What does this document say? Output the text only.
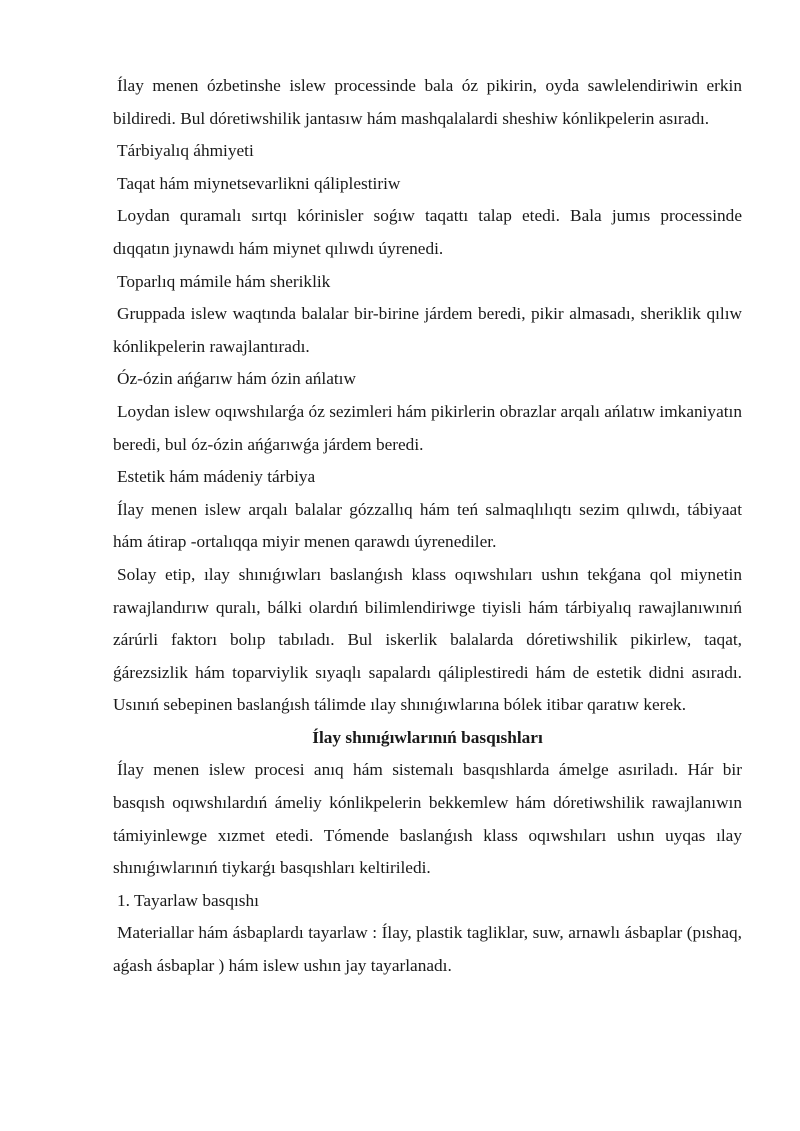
Ílay menen ózbetinshe islew processinde bala óz pikirin, oyda sawlelendiriwin erkin bildiredi. Bul dóretiwshilik jantasıw hám mashqalalardi sheshiw kónlikpelerin asıradı.

Tárbiyalıq áhmiyeti

Taqat hám miynetsevarlikni qáliplestiriw

Loydan quramalı sırtqı kórinisler soǵıw taqattı talap etedi. Bala jumıs processinde dıqqatın jıynawdı hám miynet qılıwdı úyrenedi.

Toparlıq mámile hám sheriklik

Gruppada islew waqtında balalar bir-birine járdem beredi, pikir almasadı, sheriklik qılıw kónlikpelerin rawajlantıradı.

Óz-ózin ańǵarıw hám ózin ańlatıw

Loydan islew oqıwshılarǵa óz sezimleri hám pikirlerin obrazlar arqalı ańlatıw imkaniyatın beredi, bul óz-ózin ańǵarıwǵa járdem beredi.

Estetik hám mádeniy tárbiya

Ílay menen islew arqalı balalar gózzallıq hám teń salmaqlılıqtı sezim qılıwdı, tábiyaat hám átirap -ortalıqqa miyir menen qarawdı úyrenediler.

Solay etip, ılay shınıǵıwları baslanǵısh klass oqıwshıları ushın tekǵana qol miynetin rawajlandırıw quralı, bálki olardıń bilimlendiriwge tiyisli hám tárbiyalıq rawajlanıwınıń zárúrli faktorı bolıp tabıladı. Bul iskerlik balalarda dóretiwshilik pikirlew, taqat, ǵárezsizlik hám toparviylik sıyaqlı sapalardı qáliplestiredi hám de estetik didni asıradı. Usınıń sebepinen baslanǵısh tálimde ılay shınıǵıwlarına bólek itibar qaratıw kerek.

Ílay shınıǵıwlarınıń basqıshları

Ílay menen islew procesi anıq hám sistemalı basqıshlarda ámelge asıriladı. Hár bir basqısh oqıwshılardıń ámeliy kónlikpelerin bekkemlew hám dóretiwshilik rawajlanıwın támiyinlewge xızmet etedi. Tómende baslanǵısh klass oqıwshıları ushın uyqas ılay shınıǵıwlarınıń tiykarǵı basqıshları keltiriledi.

1. Tayarlaw basqıshı

Materiallar hám ásbaplardı tayarlaw : Ílay, plastik tagliklar, suw, arnawlı ásbaplar (pıshaq, aǵash ásbaplar ) hám islew ushın jay tayarlanadı.
